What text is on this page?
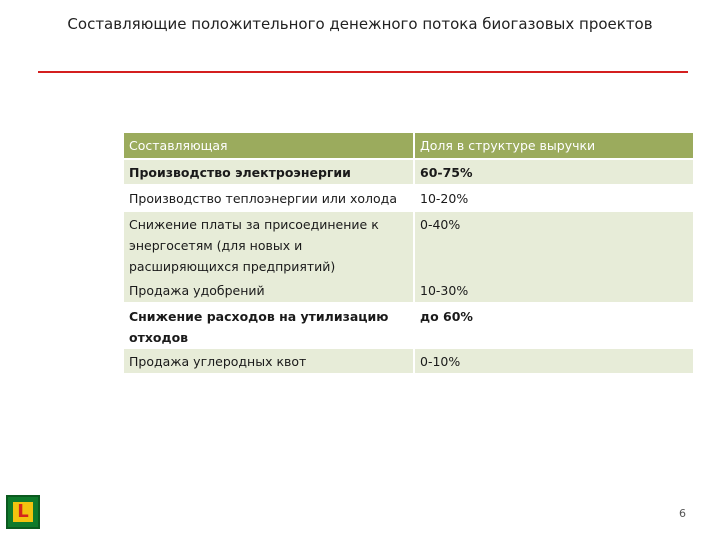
Составляющие положительного денежного потока биогазовых проектов
Составляющая	Доля в структуре выручки
Производство электроэнергии	60-75%
Производство теплоэнергии или холода	10-20%
Снижение платы за присоединение к энергосетям (для новых и расширяющихся предприятий)	0-40%
Продажа удобрений	10-30%
Снижение расходов на утилизацию отходов	до 60%
Продажа углеродных квот	0-10%
L	6
